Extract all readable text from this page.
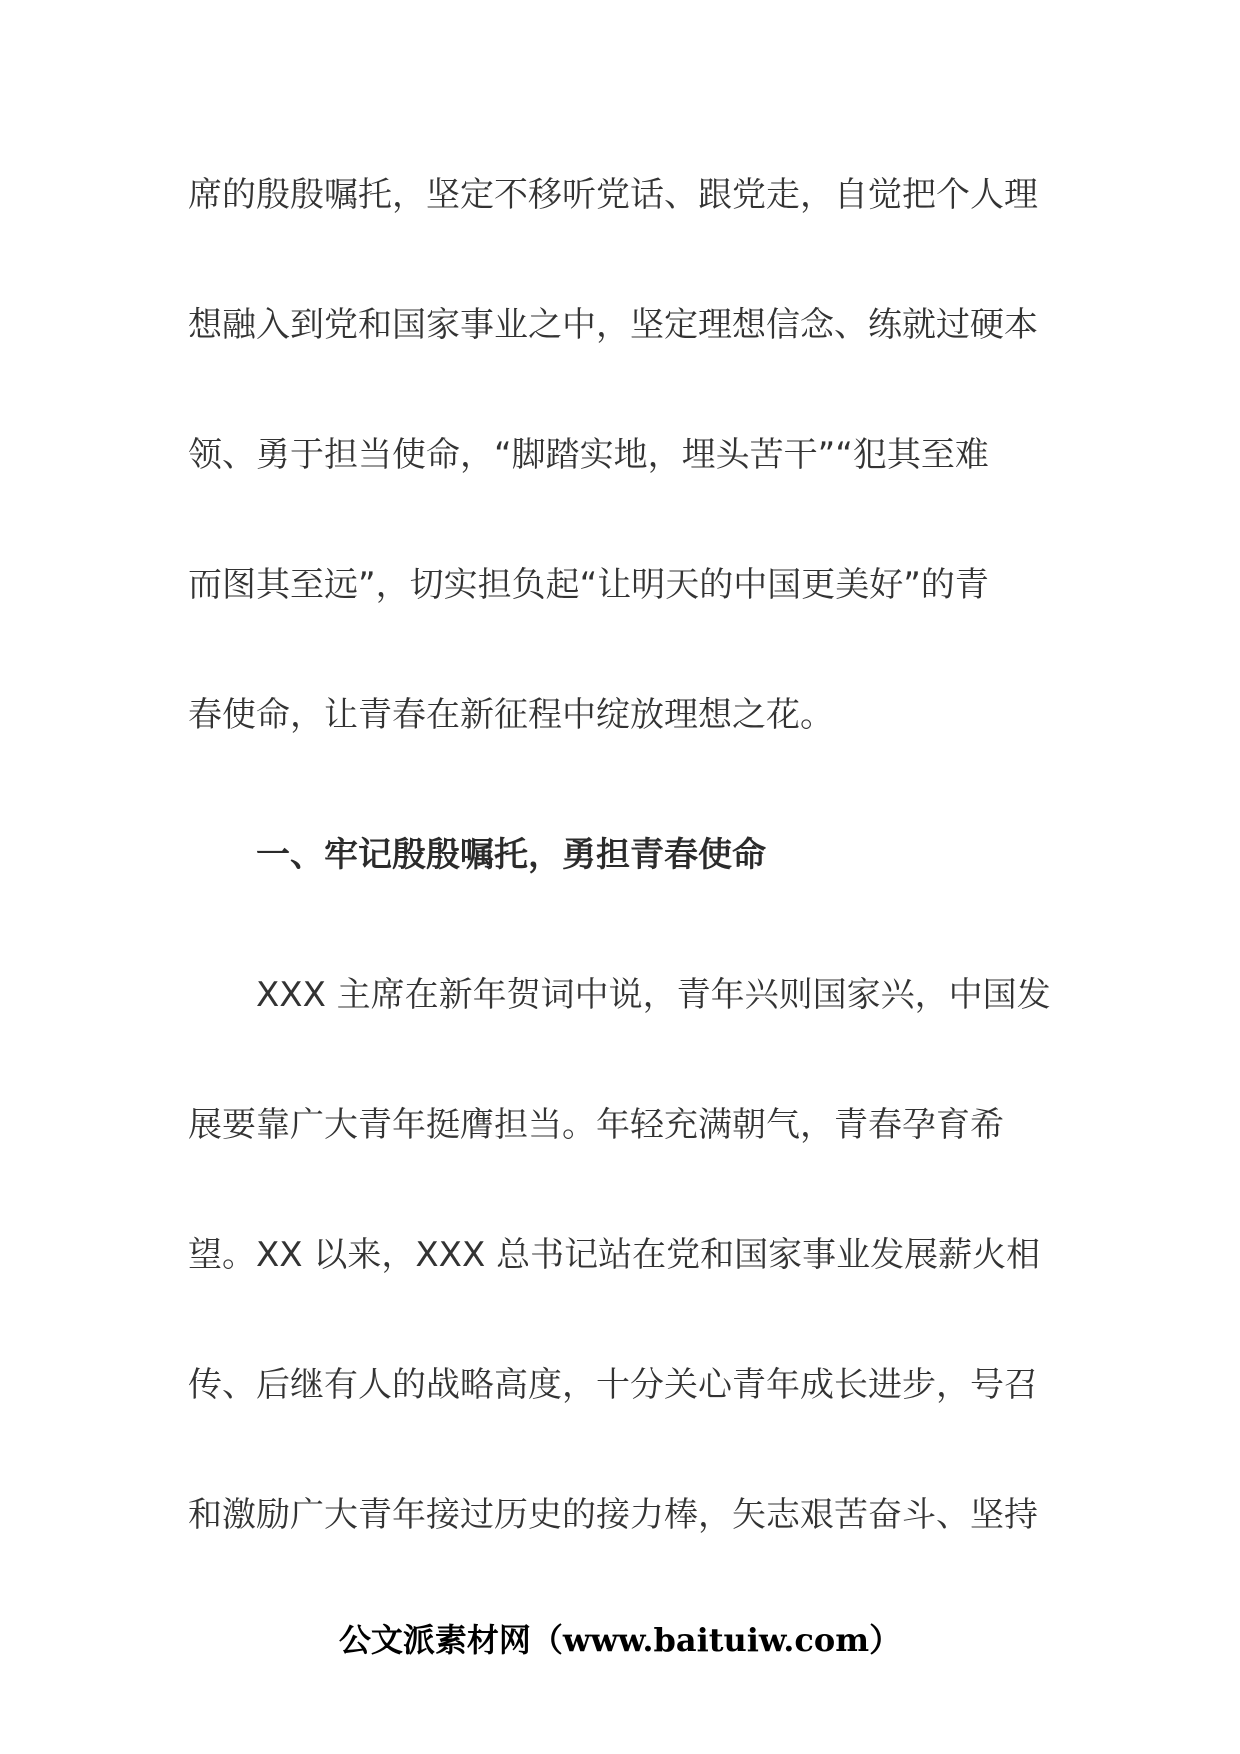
席的殷殷嘱托，坚定不移听党话、跟党走，自觉把个人理
想融入到党和国家事业之中，坚定理想信念、练就过硬本
领、勇于担当使命，“脚踏实地，埋头苦干”“犯其至难
而图其至远”，切实担负起“让明天的中国更美好”的青
春使命，让青春在新征程中绽放理想之花。
一、牢记殷殷嘱托，勇担青春使命
XXX 主席在新年贺词中说，青年兴则国家兴，中国发
展要靠广大青年挺膺担当。年轻充满朝气，青春孕育希
望。XX 以来，XXX 总书记站在党和国家事业发展薪火相
传、后继有人的战略高度，十分关心青年成长进步，号召
和激励广大青年接过历史的接力棒，矢志艰苦奋斗、坚持
公文派素材网（www.baituiw.com）
